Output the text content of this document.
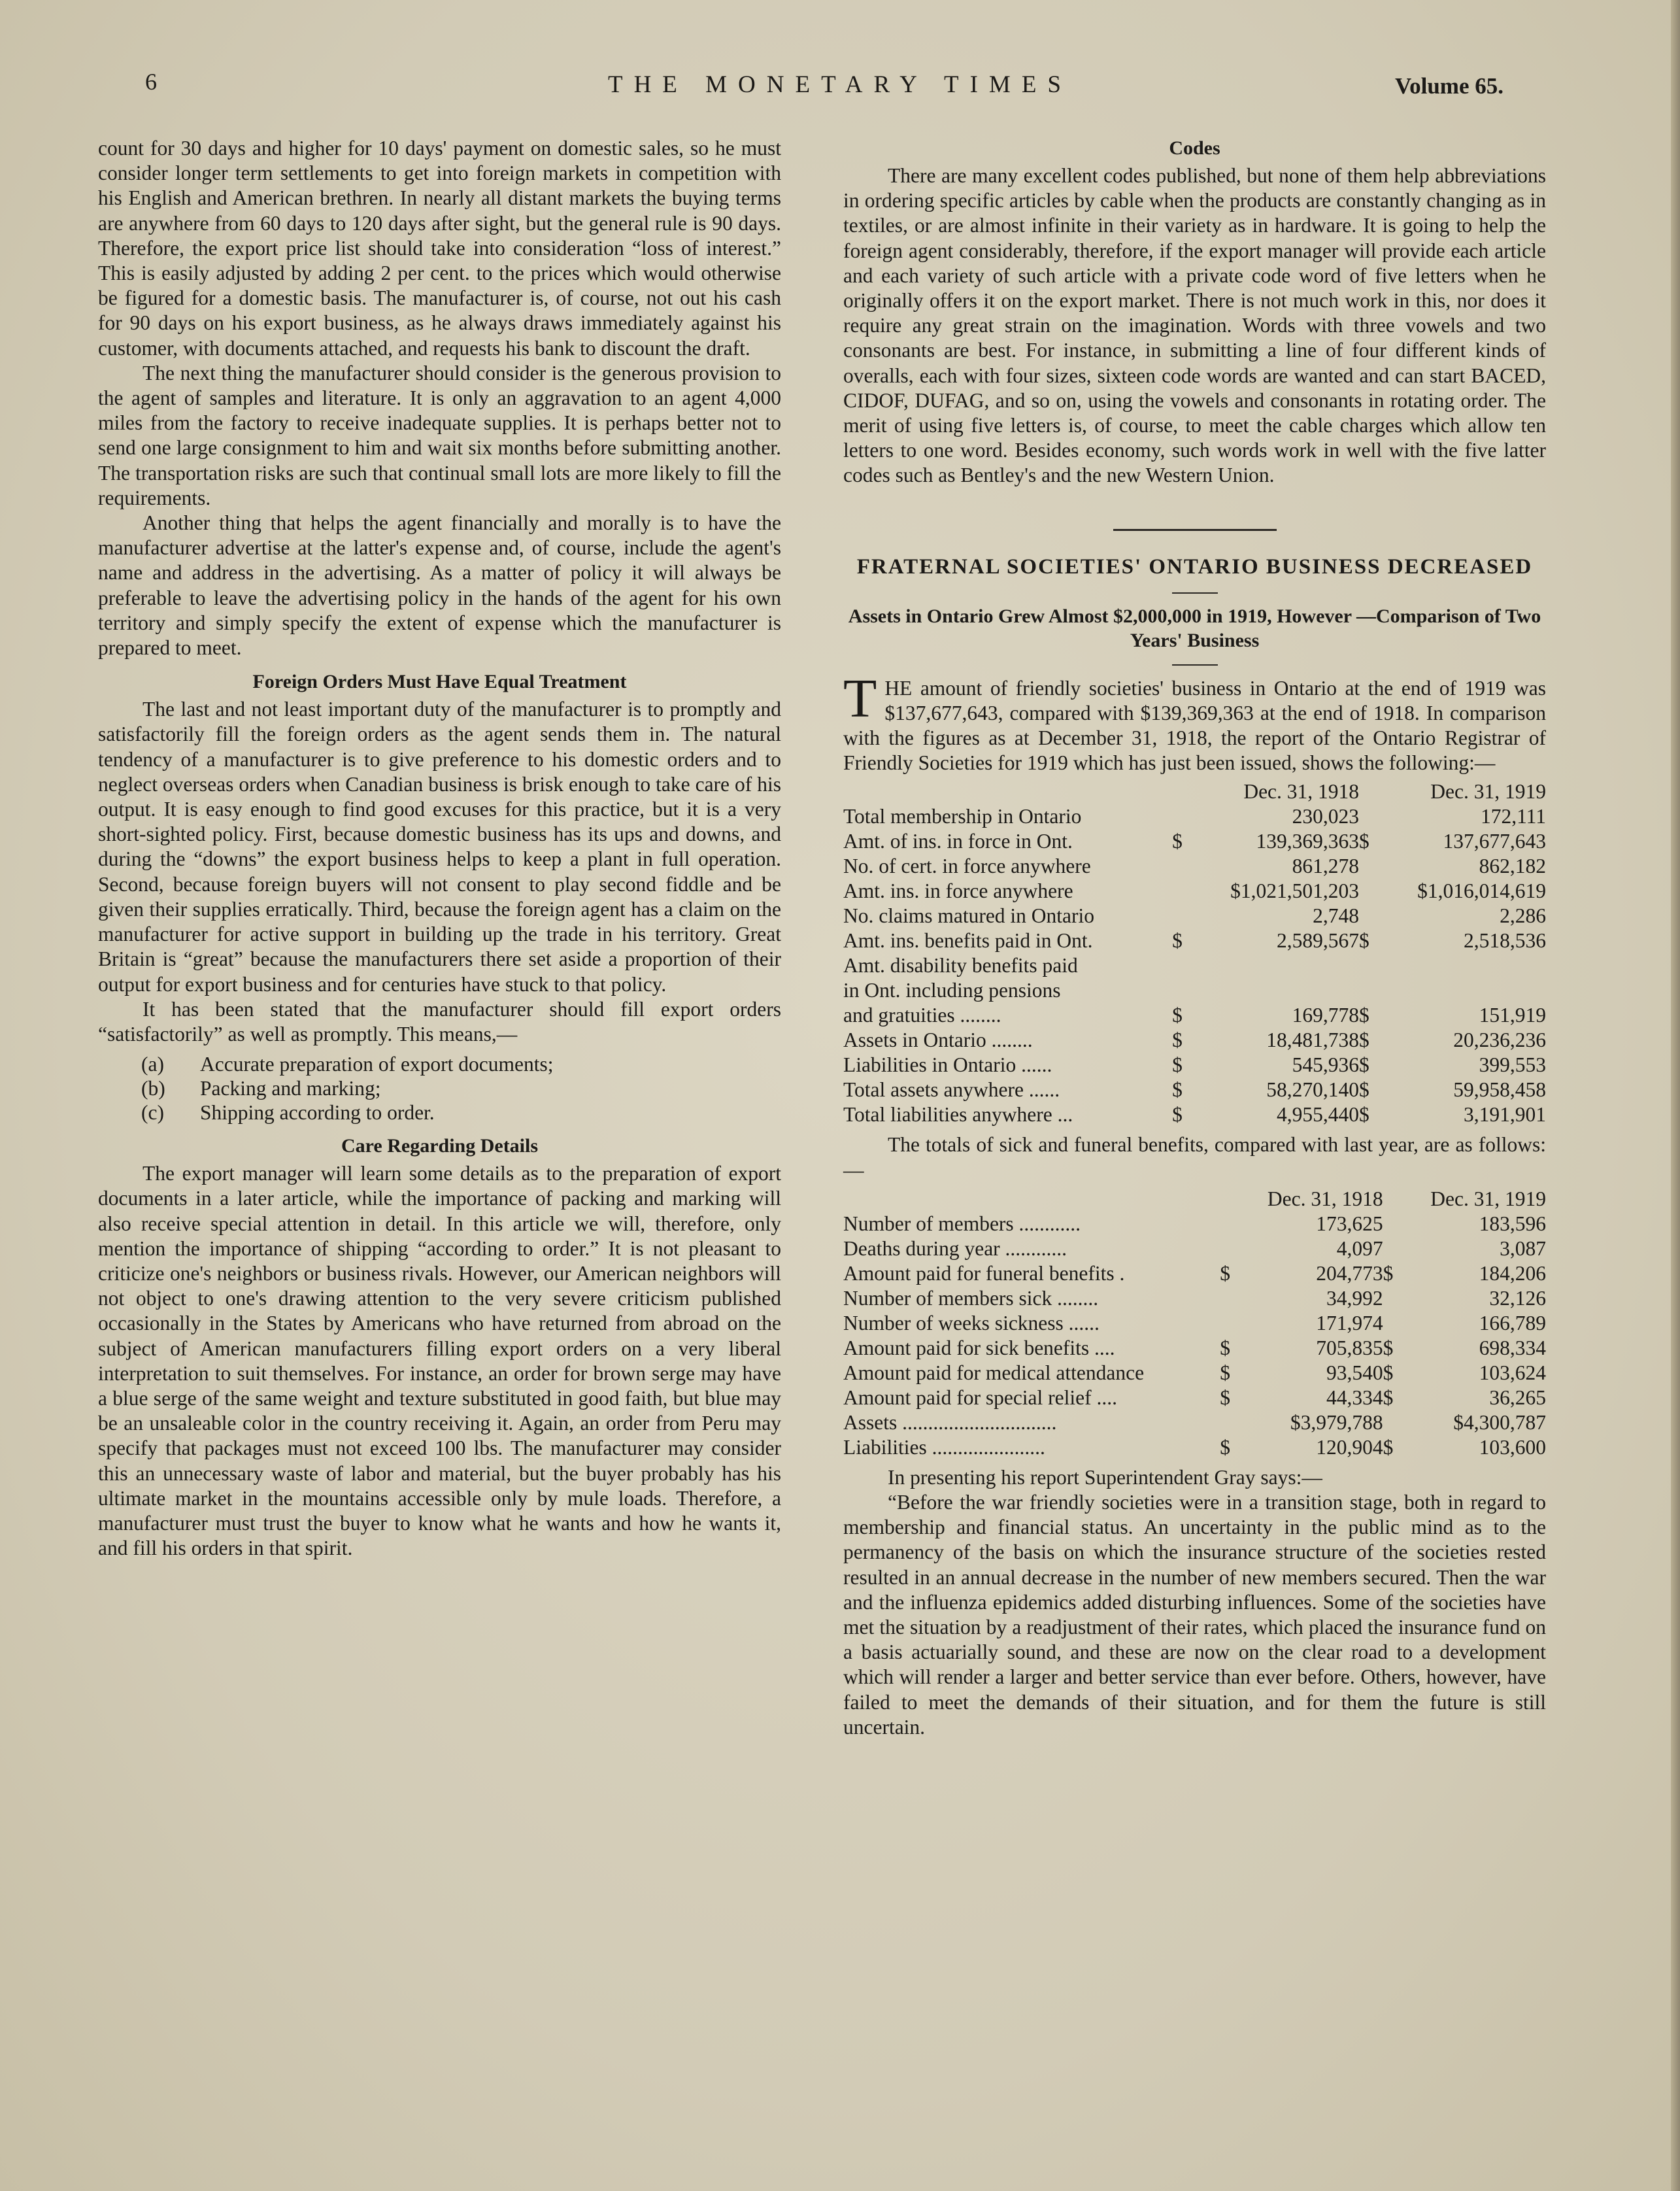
6	THE MONETARY TIMES	Volume 65.

count for 30 days and higher for 10 days' payment on domestic sales, so he must consider longer term settlements to get into foreign markets in competition with his English and American brethren. In nearly all distant markets the buying terms are anywhere from 60 days to 120 days after sight, but the general rule is 90 days. Therefore, the export price list should take into consideration “loss of interest.” This is easily adjusted by adding 2 per cent. to the prices which would otherwise be figured for a domestic basis. The manufacturer is, of course, not out his cash for 90 days on his export business, as he always draws immediately against his customer, with documents attached, and requests his bank to discount the draft.

The next thing the manufacturer should consider is the generous provision to the agent of samples and literature. It is only an aggravation to an agent 4,000 miles from the factory to receive inadequate supplies. It is perhaps better not to send one large consignment to him and wait six months before submitting another. The transportation risks are such that continual small lots are more likely to fill the requirements.

Another thing that helps the agent financially and morally is to have the manufacturer advertise at the latter's expense and, of course, include the agent's name and address in the advertising. As a matter of policy it will always be preferable to leave the advertising policy in the hands of the agent for his own territory and simply specify the extent of expense which the manufacturer is prepared to meet.

Foreign Orders Must Have Equal Treatment

The last and not least important duty of the manufacturer is to promptly and satisfactorily fill the foreign orders as the agent sends them in. The natural tendency of a manufacturer is to give preference to his domestic orders and to neglect overseas orders when Canadian business is brisk enough to take care of his output. It is easy enough to find good excuses for this practice, but it is a very short-sighted policy. First, because domestic business has its ups and downs, and during the “downs” the export business helps to keep a plant in full operation. Second, because foreign buyers will not consent to play second fiddle and be given their supplies erratically. Third, because the foreign agent has a claim on the manufacturer for active support in building up the trade in his territory. Great Britain is “great” because the manufacturers there set aside a proportion of their output for export business and for centuries have stuck to that policy.

It has been stated that the manufacturer should fill export orders “satisfactorily” as well as promptly. This means,—

(a)	Accurate preparation of export documents;
(b)	Packing and marking;
(c)	Shipping according to order.
Care Regarding Details

The export manager will learn some details as to the preparation of export documents in a later article, while the importance of packing and marking will also receive special attention in detail. In this article we will, therefore, only mention the importance of shipping “according to order.” It is not pleasant to criticize one's neighbors or business rivals. However, our American neighbors will not object to one's drawing attention to the very severe criticism published occasionally in the States by Americans who have returned from abroad on the subject of American manufacturers filling export orders on a very liberal interpretation to suit themselves. For instance, an order for brown serge may have a blue serge of the same weight and texture substituted in good faith, but blue may be an unsaleable color in the country receiving it. Again, an order from Peru may specify that packages must not exceed 100 lbs. The manufacturer may consider this an unnecessary waste of labor and material, but the buyer probably has his ultimate market in the mountains accessible only by mule loads. Therefore, a manufacturer must trust the buyer to know what he wants and how he wants it, and fill his orders in that spirit.

Codes

There are many excellent codes published, but none of them help abbreviations in ordering specific articles by cable when the products are constantly changing as in textiles, or are almost infinite in their variety as in hardware. It is going to help the foreign agent considerably, therefore, if the export manager will provide each article and each variety of such article with a private code word of five letters when he originally offers it on the export market. There is not much work in this, nor does it require any great strain on the imagination. Words with three vowels and two consonants are best. For instance, in submitting a line of four different kinds of overalls, each with four sizes, sixteen code words are wanted and can start BACED, CIDOF, DUFAG, and so on, using the vowels and consonants in rotating order. The merit of using five letters is, of course, to meet the cable charges which allow ten letters to one word. Besides economy, such words work in well with the five latter codes such as Bentley's and the new Western Union.

FRATERNAL SOCIETIES' ONTARIO BUSINESS DECREASED
Assets in Ontario Grew Almost $2,000,000 in 1919, However —Comparison of Two Years' Business

THE amount of friendly societies' business in Ontario at the end of 1919 was $137,677,643, compared with $139,369,363 at the end of 1918. In comparison with the figures as at December 31, 1918, the report of the Ontario Registrar of Friendly Societies for 1919 which has just been issued, shows the following:—

		Dec. 31, 1918		Dec. 31, 1919
Total membership in Ontario		230,023		172,111
Amt. of ins. in force in Ont.	$	139,369,363	$	137,677,643
No. of cert. in force anywhere		861,278		862,182
Amt. ins. in force anywhere		$1,021,501,203		$1,016,014,619
No. claims matured in Ontario		2,748		2,286
Amt. ins. benefits paid in Ont.	$	2,589,567	$	2,518,536
Amt. disability benefits paid				
in Ont. including pensions				
and gratuities ........	$	169,778	$	151,919
Assets in Ontario ........	$	18,481,738	$	20,236,236
Liabilities in Ontario ......	$	545,936	$	399,553
Total assets anywhere ......	$	58,270,140	$	59,958,458
Total liabilities anywhere ...	$	4,955,440	$	3,191,901

The totals of sick and funeral benefits, compared with last year, are as follows:—

		Dec. 31, 1918		Dec. 31, 1919
Number of members ............		173,625		183,596
Deaths during year ............		4,097		3,087
Amount paid for funeral benefits .	$	204,773	$	184,206
Number of members sick ........		34,992		32,126
Number of weeks sickness ......		171,974		166,789
Amount paid for sick benefits ....	$	705,835	$	698,334
Amount paid for medical attendance	$	93,540	$	103,624
Amount paid for special relief ....	$	44,334	$	36,265
Assets ..............................		$3,979,788		$4,300,787
Liabilities ......................	$	120,904	$	103,600

In presenting his report Superintendent Gray says:—

“Before the war friendly societies were in a transition stage, both in regard to membership and financial status. An uncertainty in the public mind as to the permanency of the basis on which the insurance structure of the societies rested resulted in an annual decrease in the number of new members secured. Then the war and the influenza epidemics added disturbing influences. Some of the societies have met the situation by a readjustment of their rates, which placed the insurance fund on a basis actuarially sound, and these are now on the clear road to a development which will render a larger and better service than ever before. Others, however, have failed to meet the demands of their situation, and for them the future is still uncertain.
